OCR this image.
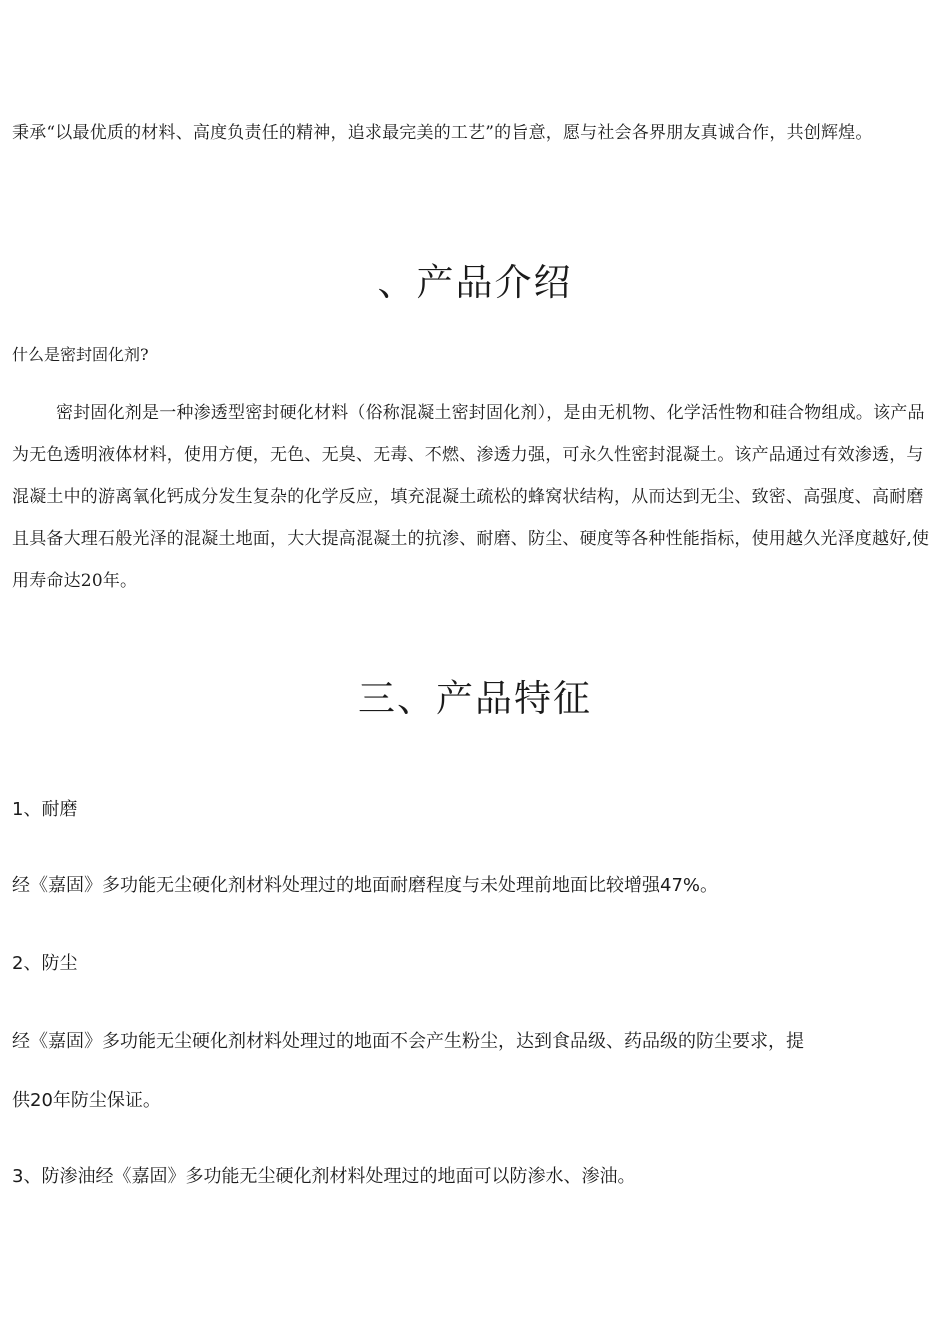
秉承“以最优质的材料、高度负责任的精神，追求最完美的工艺”的旨意，愿与社会各界朋友真诚合作，共创辉煌。

、产品介绍

什么是密封固化剂?

密封固化剂是一种渗透型密封硬化材料（俗称混凝土密封固化剂），是由无机物、化学活性物和硅合物组成。该产品为无色透明液体材料，使用方便，无色、无臭、无毒、不燃、渗透力强，可永久性密封混凝土。该产品通过有效渗透，与混凝土中的游离氧化钙成分发生复杂的化学反应，填充混凝土疏松的蜂窝状结构，从而达到无尘、致密、高强度、高耐磨且具备大理石般光泽的混凝土地面，大大提高混凝土的抗渗、耐磨、防尘、硬度等各种性能指标，使用越久光泽度越好,使用寿命达20年。

三、产品特征

1、耐磨

经《嘉固》多功能无尘硬化剂材料处理过的地面耐磨程度与未处理前地面比较增强47%。

2、防尘

经《嘉固》多功能无尘硬化剂材料处理过的地面不会产生粉尘，达到食品级、药品级的防尘要求，提

供20年防尘保证。

3、防渗油经《嘉固》多功能无尘硬化剂材料处理过的地面可以防渗水、渗油。
